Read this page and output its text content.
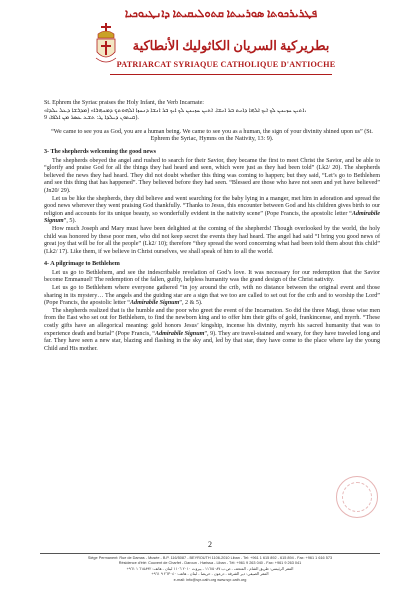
ܦܛܪܝܪܟܘܬܐ ܣܘܪܝܝܬܐ ܩܬܘܠܝܩܝܬܐ ܕܐܢܛܝܘܟܝܐ
بطريركية السريان الكاثوليك الأنطاكية
PATRIARCAT SYRIAQUE CATHOLIQUE D'ANTIOCHE

St. Ephrem the Syriac praises the Holy Infant, the Verb Incarnate:

«ܐܬܝܢ ܚܙܝܢܢ ܠܟ ܐܝܟ ܐܠܗܐ ܕܐܢܬ ܒܪ ܐܢܫܐ. ܐܬܝܢ ܚܙܝܢܢ ܠܟ ܐܝܟ ܒܪ ܐܢܫܐ ܕܢܚܙܐ ܐܠܗܘܬܟ ܕܡܢܗܪܐ» (ܡܕܪܫܐ ܕܥܠ ܝܠܕܐ،

ܩܝܬܘܢ ܕܝܠܕܐ ܛ: ܬܫܥ ܥܣܪ ܡܢ ܐܠܦܐ، 9).

“We came to see you as God, you are a human being. We came to see you as a human, the sign of your divinity shined upon us” (St. Ephrem the Syriac, Hymns on the Nativity, 13: 9).

3- The shepherds welcoming the good news

The shepherds obeyed the angel and rushed to search for their Savior, they became the first to meet Christ the Savior, and be able to “glorify and praise God for all the things they had heard and seen, which were just as they had been told” (Lk2/ 20). The shepherds believed the news they had heard. They did not doubt whether this thing was coming to happen; but they said, “Let’s go to Bethlehem and see this thing that has happened”. They believed before they had seen. “Blessed are those who have not seen and yet have believed” (Jn20/ 29).

Let us be like the shepherds, they did believe and went searching for the baby lying in a manger, met him in adoration and spread the good news wherever they went praising God thankfully. “Thanks to Jesus, this encounter between God and his children gives birth to our religion and accounts for its unique beauty, so wonderfully evident in the nativity scene” (Pope Francis, the apostolic letter “Admirabile Signum”, 5).

How much Joseph and Mary must have been delighted at the coming of the shepherds! Though overlooked by the world, the holy child was honored by these poor men, who did not keep secret the events they had heard. The angel had said “I bring you good news of great joy that will be for all the people” (Lk2/ 10); therefore “they spread the word concerning what had been told them about this child” (Lk2/ 17). Like them, if we believe in Christ ourselves, we shall speak of him to all the world.

4- A pilgrimage to Bethlehem

Let us go to Bethlehem, and see the indescribable revelation of God’s love. It was necessary for our redemption that the Savior become Emmanuel! The redemption of the fallen, guilty, helpless humanity was the grand design of the Christ nativity.

Let us go to Bethlehem where everyone gathered “in joy around the crib, with no distance between the original event and those sharing in its mystery… The angels and the guiding star are a sign that we too are called to set out for the crib and to worship the Lord” (Pope Francis, the apostolic letter “Admirabile Signum”, 2 & 5).

The shepherds realized that is the humble and the poor who greet the event of the Incarnation. So did the three Magi, those wise men from the East who set out for Bethlehem, to find the newborn king and to offer him their gifts of gold, frankincense, and myrrh. “These costly gifts have an allegorical meaning: gold honors Jesus’ kingship, incense his divinity, myrrh his sacred humanity that was to experience death and burial” (Pope Francis, “Admirabile Signum”, 9). They are travel-stained and weary, for they have traveled long and far. They have seen a new star, blazing and flashing in the sky and, led by that star, they have come to the place where lay the young Child and His mother.

2
Siège Permanent: Rue de Damas - Musée - B.P. 116/5087 - BEYROUTH 1106-2010 Liban - Tel: +961 1 615 892 - 615 894 - Fax: +961 1 616 573
Résidence d’été: Couvent de Charfet - Daroun - Harissa - Liban - Tél: +961 9 263 040 - Fax: +961 9 263 041
المقر الرئيسي: طريق الشام - المتحف - ص.ب ١١٦/٥٠٨٧ - بيروت ٢٠١٠ ١١٠٦ لبنان - هاتف: ٦١٥٨٩٢ ١ ٩٦١+
المقر الصيفي: دير الشرفة - درعون - حريصا - لبنان - هاتف: ٢٦٣٠٤٠ ٩ ٩٦١+
e-mail: info@syr-cath.org www.syr-cath.org
